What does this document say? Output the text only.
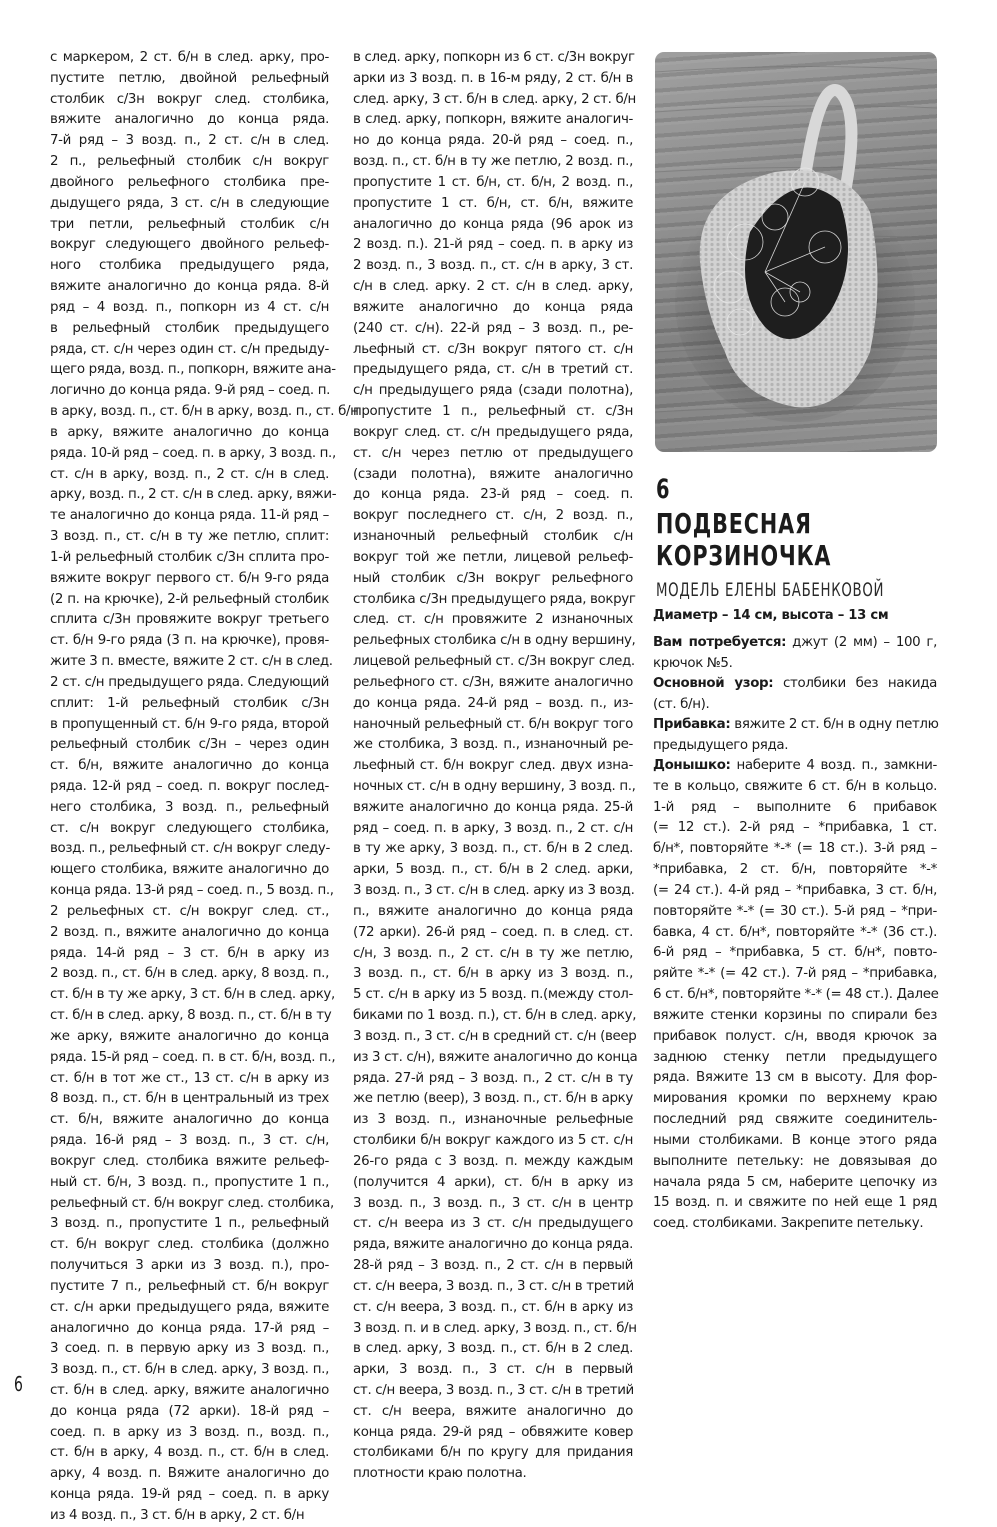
с маркером, 2 ст. б/н в след. арку, про-
пустите петлю, двойной рельефный
столбик с/3н вокруг след. столбика,
вяжите аналогично до конца ряда.
7-й ряд – 3 возд. п., 2 ст. с/н в след.
2 п., рельефный столбик с/н вокруг
двойного рельефного столбика пре-
дыдущего ряда, 3 ст. с/н в следующие
три петли, рельефный столбик с/н
вокруг следующего двойного рельеф-
ного столбика предыдущего ряда,
вяжите аналогично до конца ряда. 8-й
ряд – 4 возд. п., попкорн из 4 ст. с/н
в рельефный столбик предыдущего
ряда, ст. с/н через один ст. с/н предыду-
щего ряда, возд. п., попкорн, вяжите ана-
логично до конца ряда. 9-й ряд – соед. п.
в арку, возд. п., ст. б/н в арку, возд. п., ст. б/н
в арку, вяжите аналогично до конца
ряда. 10-й ряд – соед. п. в арку, 3 возд. п.,
ст. с/н в арку, возд. п., 2 ст. с/н в след.
арку, возд. п., 2 ст. с/н в след. арку, вяжи-
те аналогично до конца ряда. 11-й ряд –
3 возд. п., ст. с/н в ту же петлю, сплит:
1-й рельефный столбик с/3н сплита про-
вяжите вокруг первого ст. б/н 9-го ряда
(2 п. на крючке), 2-й рельефный столбик
сплита с/3н провяжите вокруг третьего
ст. б/н 9-го ряда (3 п. на крючке), провя-
жите 3 п. вместе, вяжите 2 ст. с/н в след.
2 ст. с/н предыдущего ряда. Следующий
сплит: 1-й рельефный столбик с/3н
в пропущенный ст. б/н 9-го ряда, второй
рельефный столбик с/3н – через один
ст. б/н, вяжите аналогично до конца
ряда. 12-й ряд – соед. п. вокруг послед-
него столбика, 3 возд. п., рельефный
ст. с/н вокруг следующего столбика,
возд. п., рельефный ст. с/н вокруг следу-
ющего столбика, вяжите аналогично до
конца ряда. 13-й ряд – соед. п., 5 возд. п.,
2 рельефных ст. с/н вокруг след. ст.,
2 возд. п., вяжите аналогично до конца
ряда. 14-й ряд – 3 ст. б/н в арку из
2 возд. п., ст. б/н в след. арку, 8 возд. п.,
ст. б/н в ту же арку, 3 ст. б/н в след. арку,
ст. б/н в след. арку, 8 возд. п., ст. б/н в ту
же арку, вяжите аналогично до конца
ряда. 15-й ряд – соед. п. в ст. б/н, возд. п.,
ст. б/н в тот же ст., 13 ст. с/н в арку из
8 возд. п., ст. б/н в центральный из трех
ст. б/н, вяжите аналогично до конца
ряда. 16-й ряд – 3 возд. п., 3 ст. с/н,
вокруг след. столбика вяжите рельеф-
ный ст. б/н, 3 возд. п., пропустите 1 п.,
рельефный ст. б/н вокруг след. столбика,
3 возд. п., пропустите 1 п., рельефный
ст. б/н вокруг след. столбика (должно
получиться 3 арки из 3 возд. п.), про-
пустите 7 п., рельефный ст. б/н вокруг
ст. с/н арки предыдущего ряда, вяжите
аналогично до конца ряда. 17-й ряд –
3 соед. п. в первую арку из 3 возд. п.,
3 возд. п., ст. б/н в след. арку, 3 возд. п.,
ст. б/н в след. арку, вяжите аналогично
до конца ряда (72 арки). 18-й ряд –
соед. п. в арку из 3 возд. п., возд. п.,
ст. б/н в арку, 4 возд. п., ст. б/н в след.
арку, 4 возд. п. Вяжите аналогично до
конца ряда. 19-й ряд – соед. п. в арку
из 4 возд. п., 3 ст. б/н в арку, 2 ст. б/н
в след. арку, попкорн из 6 ст. с/3н вокруг
арки из 3 возд. п. в 16-м ряду, 2 ст. б/н в
след. арку, 3 ст. б/н в след. арку, 2 ст. б/н
в след. арку, попкорн, вяжите аналогич-
но до конца ряда. 20-й ряд – соед. п.,
возд. п., ст. б/н в ту же петлю, 2 возд. п.,
пропустите 1 ст. б/н, ст. б/н, 2 возд. п.,
пропустите 1 ст. б/н, ст. б/н, вяжите
аналогично до конца ряда (96 арок из
2 возд. п.). 21-й ряд – соед. п. в арку из
2 возд. п., 3 возд. п., ст. с/н в арку, 3 ст.
с/н в след. арку. 2 ст. с/н в след. арку,
вяжите аналогично до конца ряда
(240 ст. с/н). 22-й ряд – 3 возд. п., ре-
льефный ст. с/3н вокруг пятого ст. с/н
предыдущего ряда, ст. с/н в третий ст.
с/н предыдущего ряда (сзади полотна),
пропустите 1 п., рельефный ст. с/3н
вокруг след. ст. с/н предыдущего ряда,
ст. с/н через петлю от предыдущего
(сзади полотна), вяжите аналогично
до конца ряда. 23-й ряд – соед. п.
вокруг последнего ст. с/н, 2 возд. п.,
изнаночный рельефный столбик с/н
вокруг той же петли, лицевой рельеф-
ный столбик с/3н вокруг рельефного
столбика с/3н предыдущего ряда, вокруг
след. ст. с/н провяжите 2 изнаночных
рельефных столбика с/н в одну вершину,
лицевой рельефный ст. с/3н вокруг след.
рельефного ст. с/3н, вяжите аналогично
до конца ряда. 24-й ряд – возд. п., из-
наночный рельефный ст. б/н вокруг того
же столбика, 3 возд. п., изнаночный ре-
льефный ст. б/н вокруг след. двух изна-
ночных ст. с/н в одну вершину, 3 возд. п.,
вяжите аналогично до конца ряда. 25-й
ряд – соед. п. в арку, 3 возд. п., 2 ст. с/н
в ту же арку, 3 возд. п., ст. б/н в 2 след.
арки, 5 возд. п., ст. б/н в 2 след. арки,
3 возд. п., 3 ст. с/н в след. арку из 3 возд.
п., вяжите аналогично до конца ряда
(72 арки). 26-й ряд – соед. п. в след. ст.
с/н, 3 возд. п., 2 ст. с/н в ту же петлю,
3 возд. п., ст. б/н в арку из 3 возд. п.,
5 ст. с/н в арку из 5 возд. п.(между стол-
биками по 1 возд. п.), ст. б/н в след. арку,
3 возд. п., 3 ст. с/н в средний ст. с/н (веер
из 3 ст. с/н), вяжите аналогично до конца
ряда. 27-й ряд – 3 возд. п., 2 ст. с/н в ту
же петлю (веер), 3 возд. п., ст. б/н в арку
из 3 возд. п., изнаночные рельефные
столбики б/н вокруг каждого из 5 ст. с/н
26-го ряда с 3 возд. п. между каждым
(получится 4 арки), ст. б/н в арку из
3 возд. п., 3 возд. п., 3 ст. с/н в центр
ст. с/н веера из 3 ст. с/н предыдущего
ряда, вяжите аналогично до конца ряда.
28-й ряд – 3 возд. п., 2 ст. с/н в первый
ст. с/н веера, 3 возд. п., 3 ст. с/н в третий
ст. с/н веера, 3 возд. п., ст. б/н в арку из
3 возд. п. и в след. арку, 3 возд. п., ст. б/н
в след. арку, 3 возд. п., ст. б/н в 2 след.
арки, 3 возд. п., 3 ст. с/н в первый
ст. с/н веера, 3 возд. п., 3 ст. с/н в третий
ст. с/н веера, вяжите аналогично до
конца ряда. 29-й ряд – обвяжите ковер
столбиками б/н по кругу для придания
плотности краю полотна.
6
ПОДВЕСНАЯ
КОРЗИНОЧКА
МОДЕЛЬ ЕЛЕНЫ БАБЕНКОВОЙ
Диаметр – 14 см, высота – 13 см
Вам потребуется: джут (2 мм) – 100 г,
крючок №5.
Основной узор: столбики без накида
(ст. б/н).
Прибавка: вяжите 2 ст. б/н в одну петлю
предыдущего ряда.
Донышко: наберите 4 возд. п., замкни-
те в кольцо, свяжите 6 ст. б/н в кольцо.
1-й ряд – выполните 6 прибавок
(= 12 ст.). 2-й ряд – *прибавка, 1 ст.
б/н*, повторяйте *-* (= 18 ст.). 3-й ряд –
*прибавка, 2 ст. б/н, повторяйте *-*
(= 24 ст.). 4-й ряд – *прибавка, 3 ст. б/н,
повторяйте *-* (= 30 ст.). 5-й ряд – *при-
бавка, 4 ст. б/н*, повторяйте *-* (36 ст.).
6-й ряд – *прибавка, 5 ст. б/н*, повто-
ряйте *-* (= 42 ст.). 7-й ряд – *прибавка,
6 ст. б/н*, повторяйте *-* (= 48 ст.). Далее
вяжите стенки корзины по спирали без
прибавок полуст. с/н, вводя крючок за
заднюю стенку петли предыдущего
ряда. Вяжите 13 см в высоту. Для фор-
мирования кромки по верхнему краю
последний ряд свяжите соединитель-
ными столбиками. В конце этого ряда
выполните петельку: не довязывая до
начала ряда 5 см, наберите цепочку из
15 возд. п. и свяжите по ней еще 1 ряд
соед. столбиками. Закрепите петельку.
6
